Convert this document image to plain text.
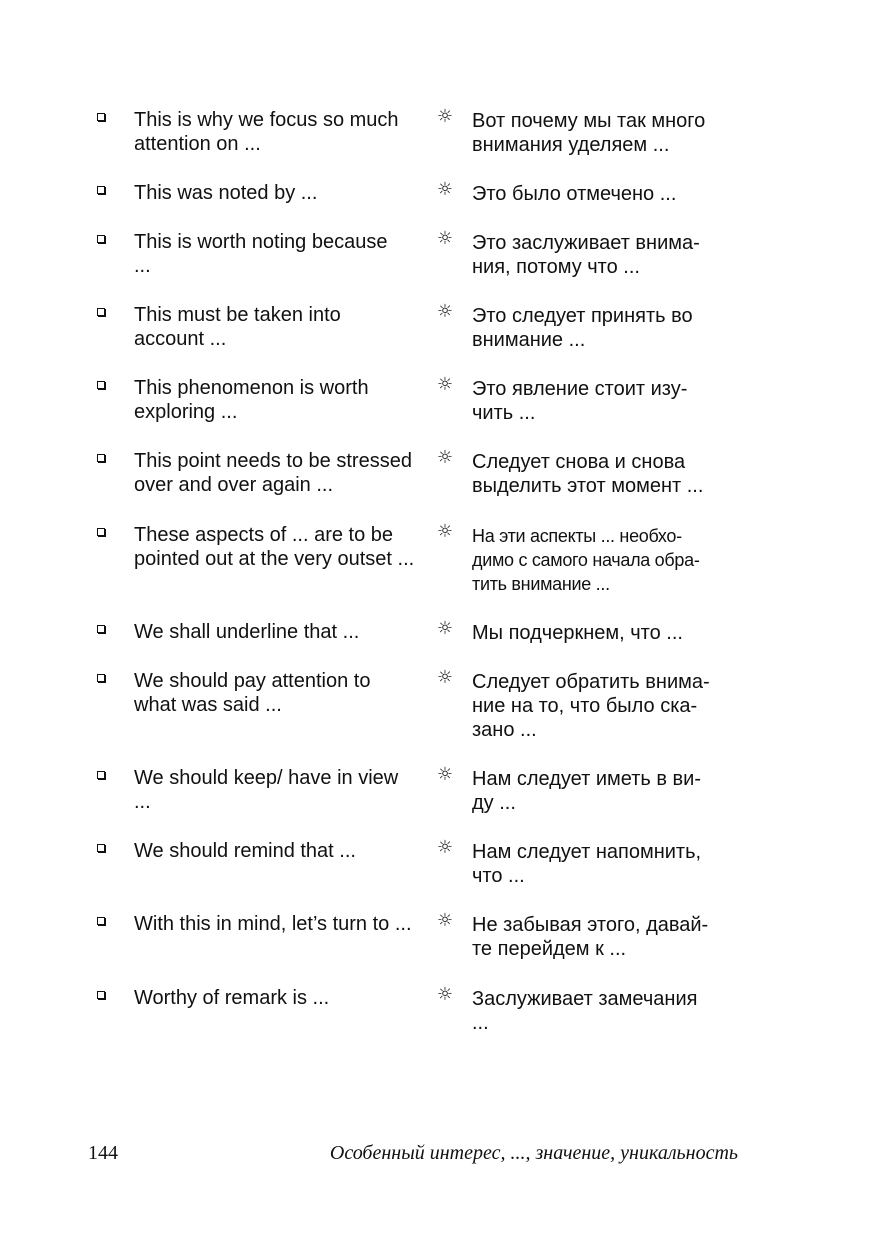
This is why we focus so much
attention on ...
☼ Вот почему мы так много
внимания уделяем ...
This was noted by ...	☼ Это было отмечено ...
This is worth noting because
...
☼ Это заслуживает внима-
ния, потому что ...
This must be taken into
account ...
☼ Это следует принять во
внимание ...
This phenomenon is worth
exploring ...
☼ Это явление стоит изу-
чить ...
This point needs to be stressed
over and over again ...
☼ Следует снова и снова
выделить этот момент ...
These aspects of ... are to be
pointed out at the very outset ...
☼ На эти аспекты ... необхо-
димо с самого начала обра-
тить внимание ...
We shall underline that ...	☼ Мы подчеркнем, что ...
We should pay attention to
what was said ...
☼ Следует обратить внима-
ние на то, что было ска-
зано ...
We should keep/ have in view
...
☼ Нам следует иметь в ви-
ду ...
We should remind that ...	☼ Нам следует напомнить,
что ...
With this in mind, let’s turn to ...	☼ Не забывая этого, давай-
те перейдем к ...
Worthy of remark is ...	☼ Заслуживает замечания
...
144	Особенный интерес, ..., значение, уникальность
